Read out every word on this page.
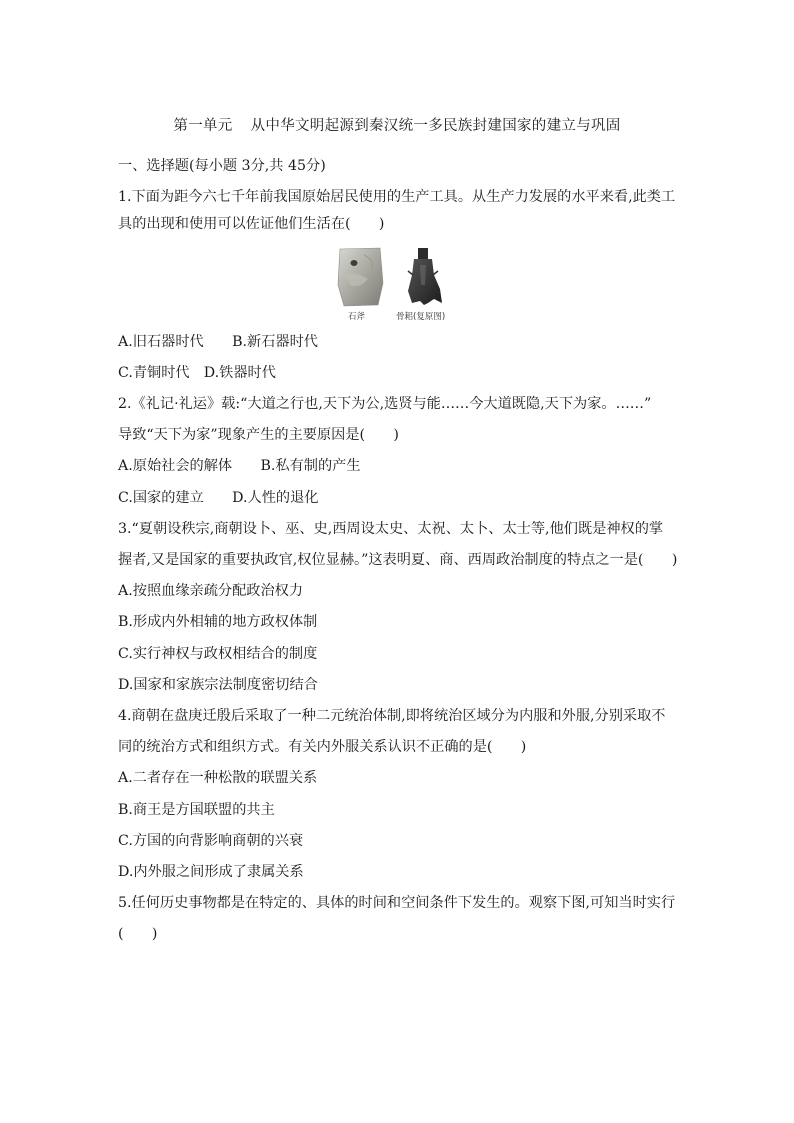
第一单元 从中华文明起源到秦汉统一多民族封建国家的建立与巩固
一、选择题(每小题 3分,共 45分)
1.下面为距今六七千年前我国原始居民使用的生产工具。从生产力发展的水平来看,此类工
具的出现和使用可以佐证他们生活在(　　)
石斧	骨耜(复原图)
A.旧石器时代　　B.新石器时代
C.青铜时代　D.铁器时代
2.《礼记·礼运》载:“大道之行也,天下为公,选贤与能……今大道既隐,天下为家。……”
导致“天下为家”现象产生的主要原因是(　　)
A.原始社会的解体　　B.私有制的产生
C.国家的建立　　D.人性的退化
3.“夏朝设秩宗,商朝设卜、巫、史,西周设太史、太祝、太卜、太士等,他们既是神权的掌
握者,又是国家的重要执政官,权位显赫。”这表明夏、商、西周政治制度的特点之一是(　　)
A.按照血缘亲疏分配政治权力
B.形成内外相辅的地方政权体制
C.实行神权与政权相结合的制度
D.国家和家族宗法制度密切结合
4.商朝在盘庚迁殷后采取了一种二元统治体制,即将统治区域分为内服和外服,分别采取不
同的统治方式和组织方式。有关内外服关系认识不正确的是(　　)
A.二者存在一种松散的联盟关系
B.商王是方国联盟的共主
C.方国的向背影响商朝的兴衰
D.内外服之间形成了隶属关系
5.任何历史事物都是在特定的、具体的时间和空间条件下发生的。观察下图,可知当时实行
(　　)
